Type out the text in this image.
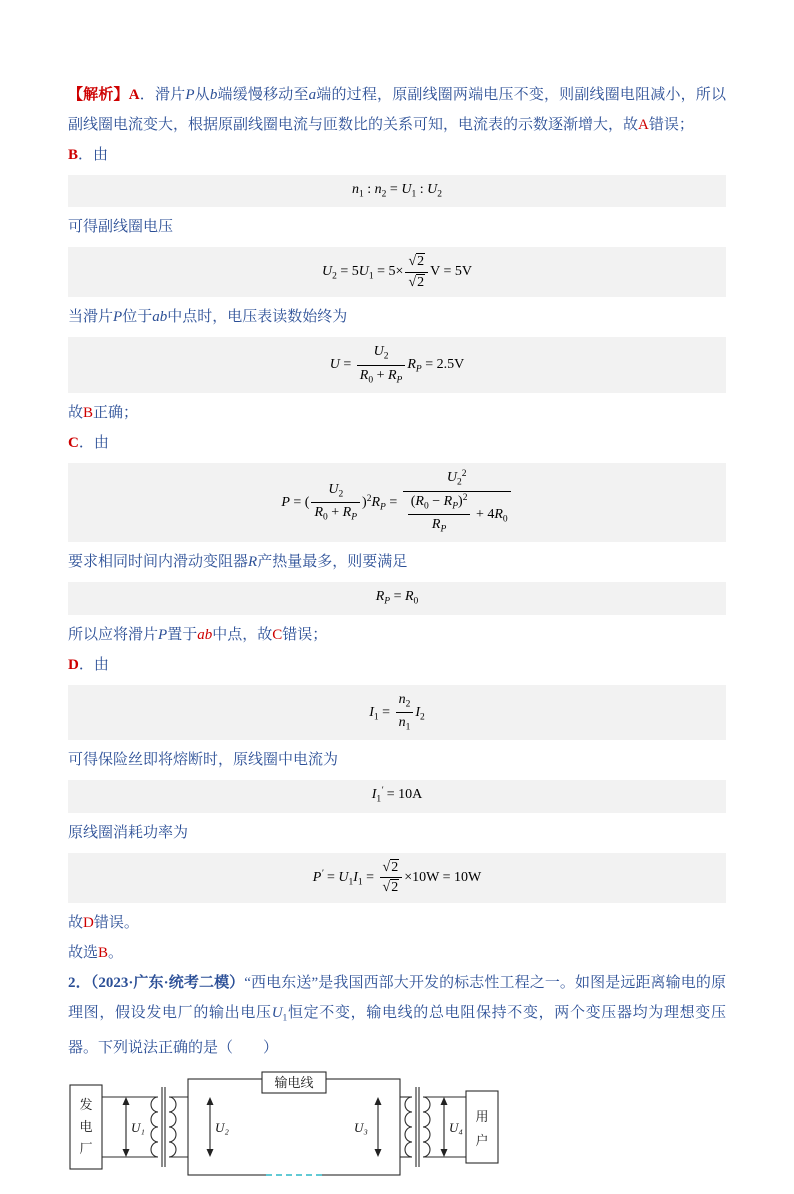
【解析】A．滑片P从b端缓慢移动至a端的过程，原副线圈两端电压不变，则副线圈电阻减小，所以副线圈电流变大，根据原副线圈电流与匝数比的关系可知，电流表的示数逐渐增大，故A错误；

B．由

$n_1$ : $n_2 = U_1$ : $U_2$

可得副线圈电压

$U_2 = 5U_1 = 5\times \frac{√2}{√2}$ V = 5V

当滑片P位于ab中点时，电压表读数始终为

$U = \frac{U_2}{R_0 + R_P} R_P = 2.5V$

故B正确；

C．由

P = ( $\frac{U_2}{R_0 + R_P} )^2R_P = \frac{U_2^2}{\frac{(R_0 - R_P)^2}{R_P} + 4R_0}$

要求相同时间内滑动变阻器R产热量最多，则要满足

$R_P = R_0$

所以应将滑片P置于ab中点，故C错误；

D．由

$I_1 = \frac{n_2}{n_1} I_2$

可得保险丝即将熔断时，原线圈中电流为

$I_1' = 10A$

原线圈消耗功率为

$P' = U_1I_1 = \frac{√2}{√2} \times 10W = 10W$

故D错误。

故选B。

2．（2023·广东·统考二模）“西电东送”是我国西部大开发的标志性工程之一。如图是远距离输电的原理图，假设发电厂的输出电压$U_1$恒定不变，输电线的总电阻保持不变，两个变压器均为理想变压器。下列说法正确的是（　　）

发
电
厂
用
户
输电线
U₁	U₂	U₃	U₄
